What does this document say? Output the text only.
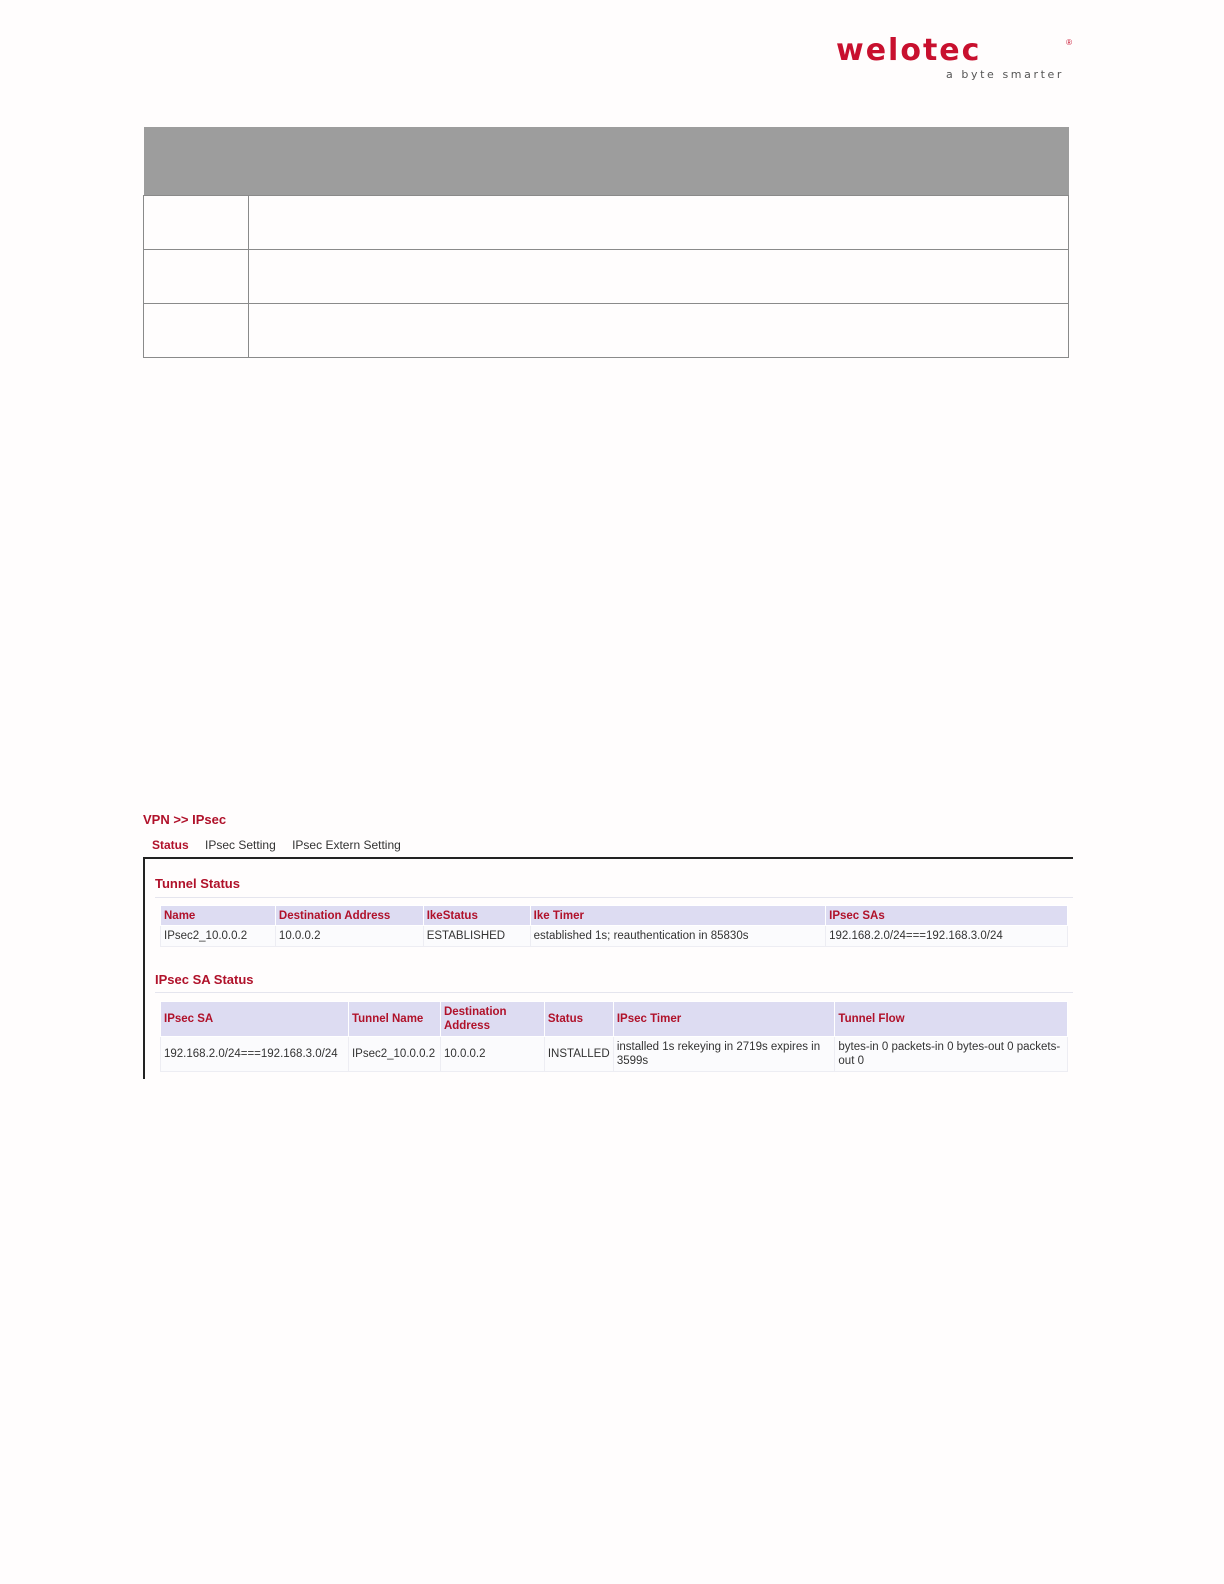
welotec	®
a byte smarter

VPN >> IPsec
Status IPsec Setting IPsec Extern Setting
Tunnel Status
Name	Destination Address	IkeStatus	Ike Timer	IPsec SAs
IPsec2_10.0.0.2	10.0.0.2	ESTABLISHED	established 1s; reauthentication in 85830s	192.168.2.0/24===192.168.3.0/24
IPsec SA Status
IPsec SA	Tunnel Name	Destination Address	Status	IPsec Timer	Tunnel Flow
192.168.2.0/24===192.168.3.0/24	IPsec2_10.0.0.2	10.0.0.2	INSTALLED	installed 1s rekeying in 2719s expires in 3599s	bytes-in 0 packets-in 0 bytes-out 0 packets-out 0
